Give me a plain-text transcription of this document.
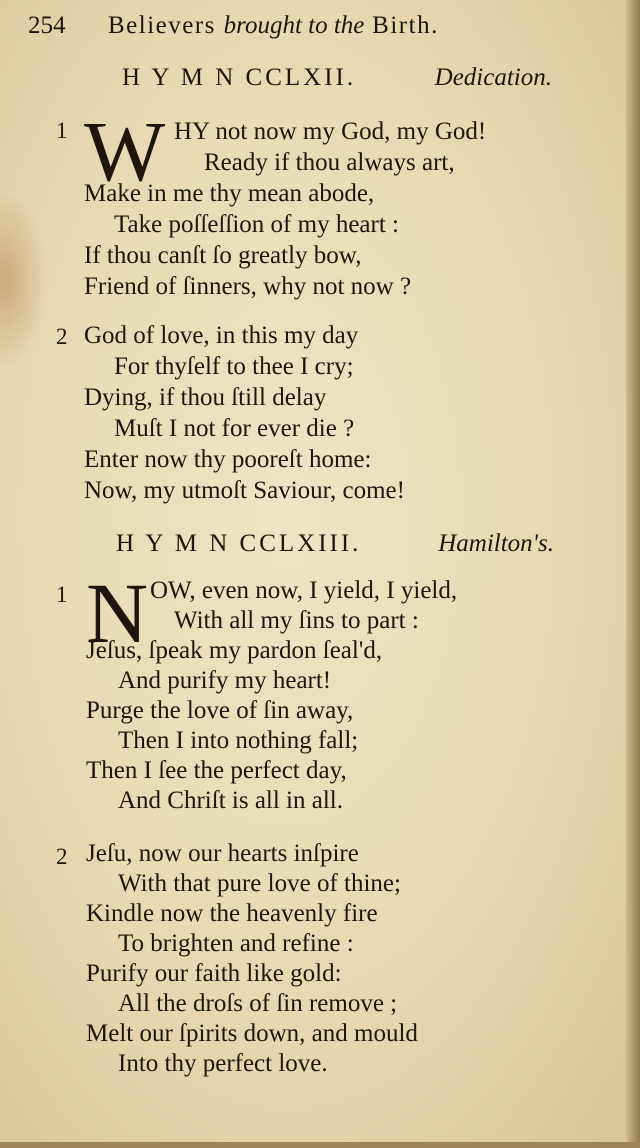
254 Believers brought to the Birth.
H Y M N CCLXII.	Dedication.
1 W HY not now my God, my God!
Ready if thou always art,
Make in me thy mean abode,
Take poſſeſſion of my heart :
If thou canſt ſo greatly bow,
Friend of ſinners, why not now ?
2 God of love, in this my day
For thyſelf to thee I cry;
Dying, if thou ſtill delay
Muſt I not for ever die ?
Enter now thy pooreſt home:
Now, my utmoſt Saviour, come!
H Y M N CCLXIII.	Hamilton's.
1 N OW, even now, I yield, I yield,
With all my ſins to part :
Jeſus, ſpeak my pardon ſeal'd,
And purify my heart!
Purge the love of ſin away,
Then I into nothing fall;
Then I ſee the perfect day,
And Chriſt is all in all.
2 Jeſu, now our hearts inſpire
With that pure love of thine;
Kindle now the heavenly fire
To brighten and refine :
Purify our faith like gold:
All the droſs of ſin remove ;
Melt our ſpirits down, and mould
Into thy perfect love.
